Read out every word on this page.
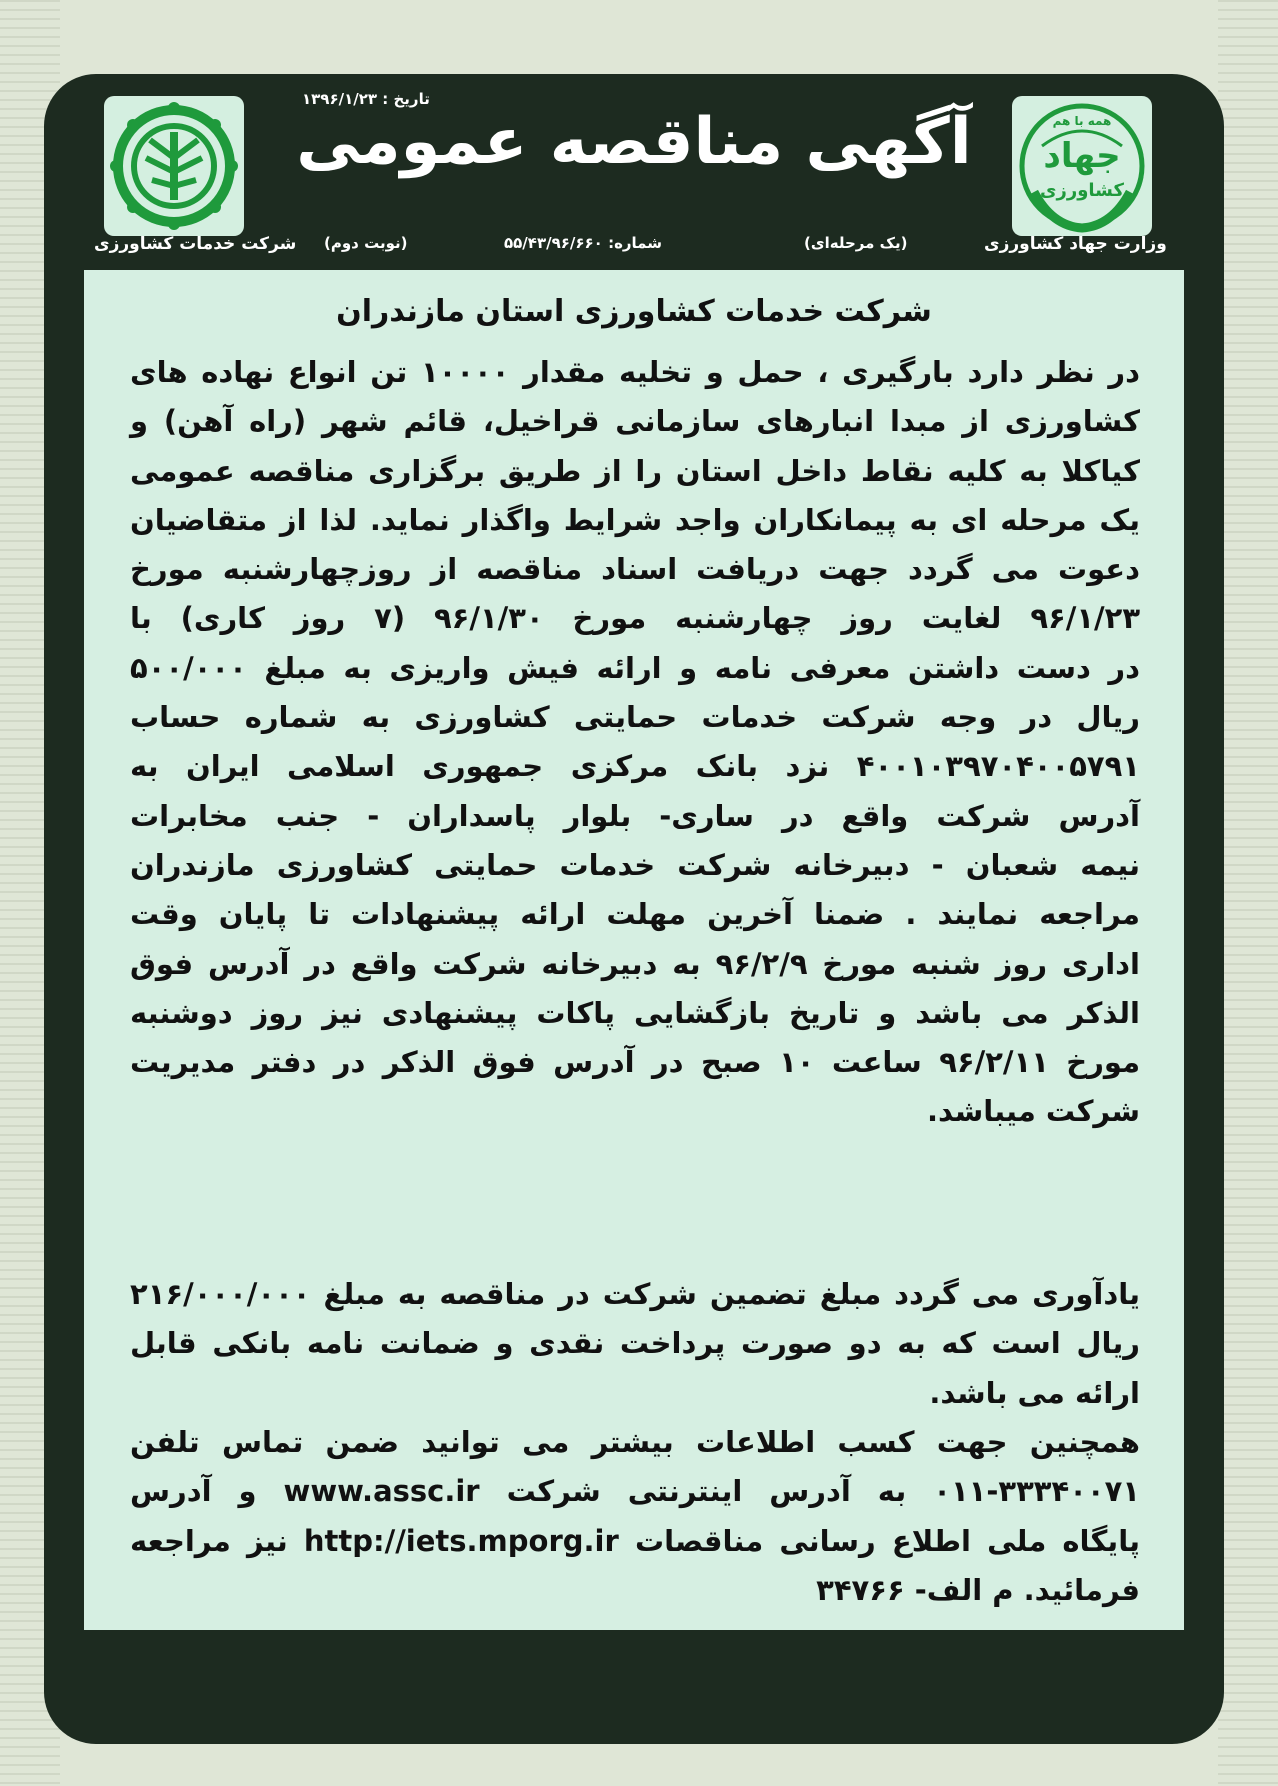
همه با هم
جهاد
کشاورزی
تاریخ : ۱۳۹۶/۱/۲۳
آگهی مناقصه عمومی
وزارت جهاد کشاورزی
(یک مرحله‌ای)
شماره: ۵۵/۴۳/۹۶/۶۶۰
(نوبت دوم)
شرکت خدمات کشاورزی
شرکت خدمات کشاورزی استان مازندران
در نظر دارد بارگیری ، حمل و تخلیه مقدار ۱۰۰۰۰ تن انواع نهاده های
کشاورزی از مبدا انبارهای سازمانی قراخیل، قائم شهر (راه آهن) و
کیاکلا به کلیه نقاط داخل استان را از طریق برگزاری مناقصه عمومی
یک مرحله ای به پیمانکاران واجد شرایط واگذار نماید. لذا از متقاضیان
دعوت می گردد جهت دریافت اسناد مناقصه از روزچهارشنبه مورخ
۹۶/۱/۲۳ لغایت روز چهارشنبه مورخ ۹۶/۱/۳۰ (۷ روز کاری) با
در دست داشتن معرفی نامه و ارائه فیش واریزی به مبلغ ۵۰۰/۰۰۰
ریال در وجه شرکت خدمات حمایتی کشاورزی به شماره حساب
۴۰۰۱۰۳۹۷۰۴۰۰۵۷۹۱ نزد بانک مرکزی جمهوری اسلامی ایران به
آدرس شرکت واقع در ساری- بلوار پاسداران - جنب مخابرات
نیمه شعبان - دبیرخانه شرکت خدمات حمایتی کشاورزی مازندران
مراجعه نمایند . ضمنا آخرین مهلت ارائه پیشنهادات تا پایان وقت
اداری روز شنبه مورخ ۹۶/۲/۹ به دبیرخانه شرکت واقع در آدرس فوق
الذکر می باشد و تاریخ بازگشایی پاکات پیشنهادی نیز روز دوشنبه
مورخ ۹۶/۲/۱۱ ساعت ۱۰ صبح در آدرس فوق الذکر در دفتر مدیریت
شرکت میباشد.
یادآوری می گردد مبلغ تضمین شرکت در مناقصه به مبلغ ۲۱۶/۰۰۰/۰۰۰
ریال است که به دو صورت پرداخت نقدی و ضمانت نامه بانکی قابل
ارائه می باشد.
همچنین جهت کسب اطلاعات بیشتر می توانید ضمن تماس تلفن
۰۱۱-۳۳۳۴۰۰۷۱ به آدرس اینترنتی شرکت www.assc.ir و آدرس
پایگاه ملی اطلاع رسانی مناقصات http://iets.mporg.ir نیز مراجعه
فرمائید. م الف- ۳۴۷۶۶
